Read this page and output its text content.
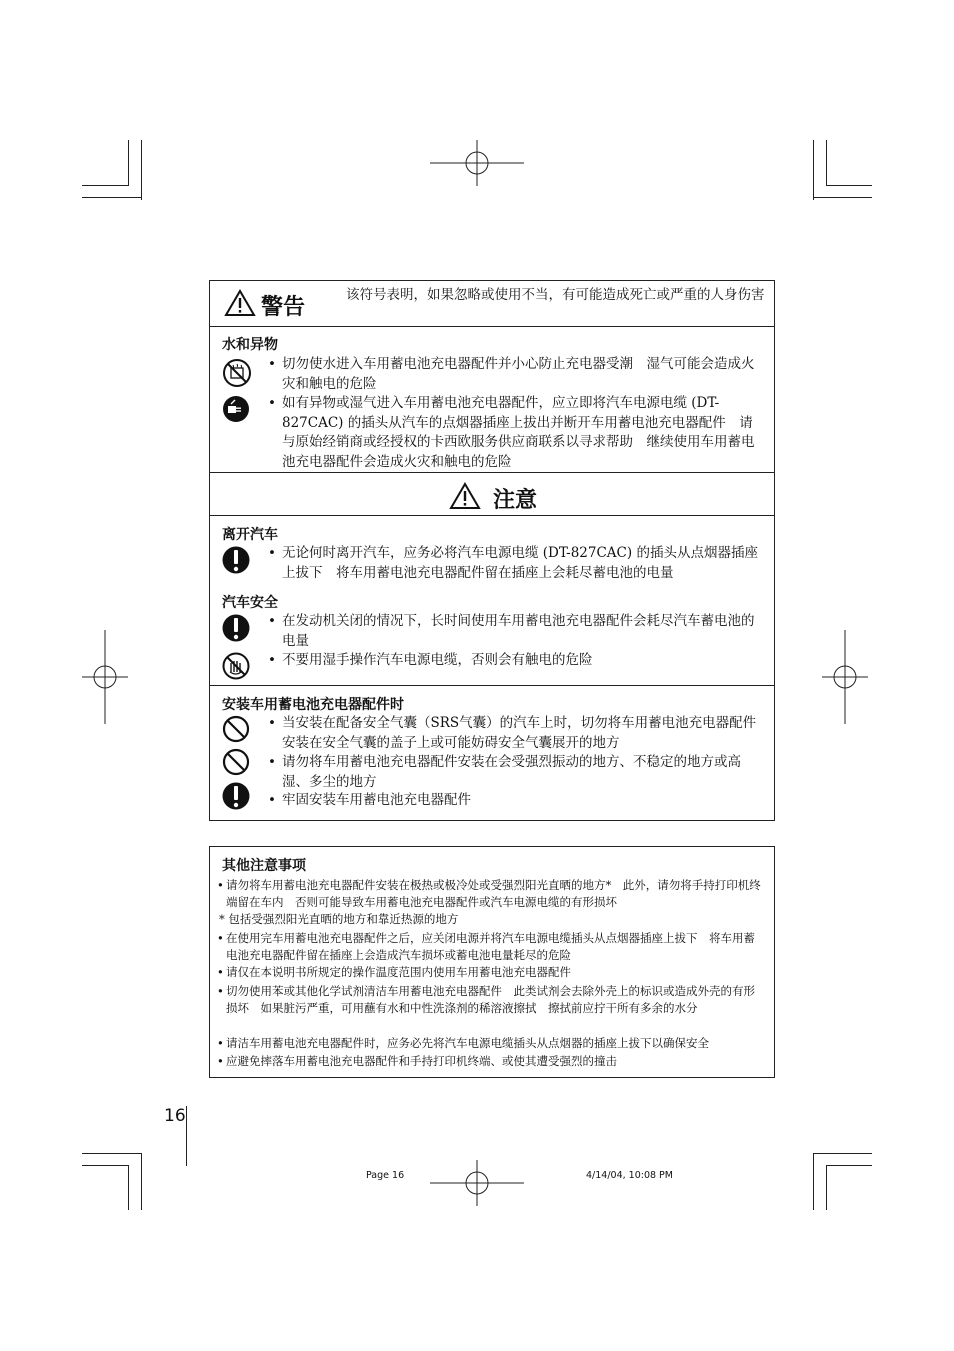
警告	该符号表明，如果忽略或使用不当，有可能造成死亡或严重的人身伤害
水和异物
• 切勿使水进入车用蓄电池充电器配件并小心防止充电器受潮　湿气可能会造成火灾和触电的危险
• 如有异物或湿气进入车用蓄电池充电器配件，应立即将汽车电源电缆 (DT-827CAC) 的插头从汽车的点烟器插座上拔出并断开车用蓄电池充电器配件　请与原始经销商或经授权的卡西欧服务供应商联系以寻求帮助　继续使用车用蓄电池充电器配件会造成火灾和触电的危险
注意
离开汽车
• 无论何时离开汽车，应务必将汽车电源电缆 (DT-827CAC) 的插头从点烟器插座上拔下　将车用蓄电池充电器配件留在插座上会耗尽蓄电池的电量
汽车安全
• 在发动机关闭的情况下，长时间使用车用蓄电池充电器配件会耗尽汽车蓄电池的电量
• 不要用湿手操作汽车电源电缆，否则会有触电的危险
安装车用蓄电池充电器配件时
• 当安装在配备安全气囊（SRS气囊）的汽车上时，切勿将车用蓄电池充电器配件安装在安全气囊的盖子上或可能妨碍安全气囊展开的地方
• 请勿将车用蓄电池充电器配件安装在会受强烈振动的地方、不稳定的地方或高湿、多尘的地方
• 牢固安装车用蓄电池充电器配件
其他注意事项
• 请勿将车用蓄电池充电器配件安装在极热或极冷处或受强烈阳光直晒的地方*　此外，请勿将手持打印机终端留在车内　否则可能导致车用蓄电池充电器配件或汽车电源电缆的有形损坏
* 包括受强烈阳光直晒的地方和靠近热源的地方
• 在使用完车用蓄电池充电器配件之后，应关闭电源并将汽车电源电缆插头从点烟器插座上拔下　将车用蓄电池充电器配件留在插座上会造成汽车损坏或蓄电池电量耗尽的危险
• 请仅在本说明书所规定的操作温度范围内使用车用蓄电池充电器配件
• 切勿使用苯或其他化学试剂清洁车用蓄电池充电器配件　此类试剂会去除外壳上的标识或造成外壳的有形损坏　如果脏污严重，可用蘸有水和中性洗涤剂的稀溶液擦拭　擦拭前应拧干所有多余的水分
• 请洁车用蓄电池充电器配件时，应务必先将汽车电源电缆插头从点烟器的插座上拔下以确保安全
• 应避免摔落车用蓄电池充电器配件和手持打印机终端、或使其遭受强烈的撞击
16
Page 16	4/14/04, 10:08 PM
